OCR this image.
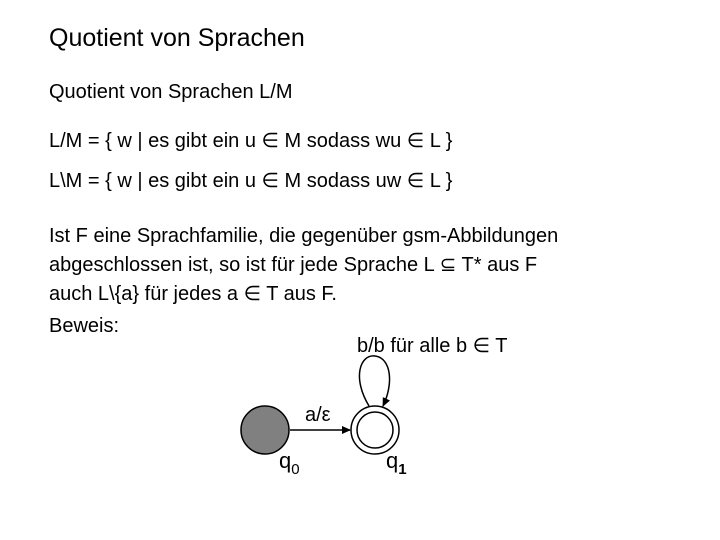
Quotient von Sprachen
Quotient von Sprachen L/M
L/M = { w | es gibt ein u ∈ M sodass wu ∈ L }
L\M = { w | es gibt ein u ∈ M sodass uw ∈ L }
Ist F eine Sprachfamilie, die gegenüber gsm-Abbildungen
abgeschlossen ist, so ist für jede Sprache L ⊆ T* aus F
auch L\{a} für jedes a ∈ T aus F.
Beweis:
b/b für alle b ∈ T
a/ε
$q_0$	$q_1$
